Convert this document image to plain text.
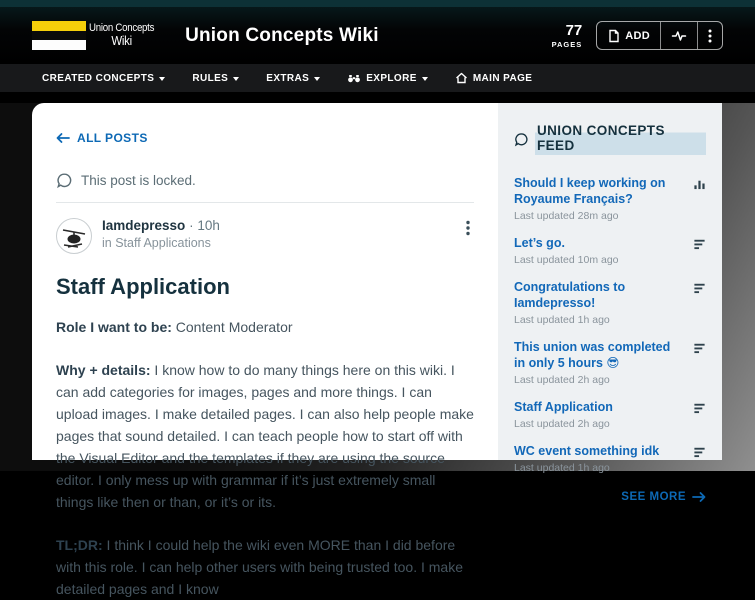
Union Concepts
Wiki	Union Concepts Wiki	77
PAGES
ADD
CREATED CONCEPTS	RULES	EXTRAS	EXPLORE	MAIN PAGE
ALL POSTS
This post is locked.
Iamdepresso · 10h
in Staff Applications
Staff Application

Role I want to be: Content Moderator

Why + details: I know how to do many things here on this wiki. I can add categories for images, pages and more things. I can upload images. I make detailed pages. I can also help people make pages that sound detailed. I can teach people how to start off with the Visual Editor and the templates if they are using the source editor. I only mess up with grammar if it’s just extremely small things like then or than, or it’s or its.

TL;DR: I think I could help the wiki even MORE than I did before with this role. I can help other users with being trusted too. I make detailed pages and I know

UNION CONCEPTS FEED
Should I keep working on Royaume Français?
Last updated 28m ago
Let’s go.
Last updated 10m ago
Congratulations to Iamdepresso!
Last updated 1h ago
This union was completed in only 5 hours 😎
Last updated 2h ago
Staff Application
Last updated 2h ago
WC event something idk
Last updated 1h ago
SEE MORE
